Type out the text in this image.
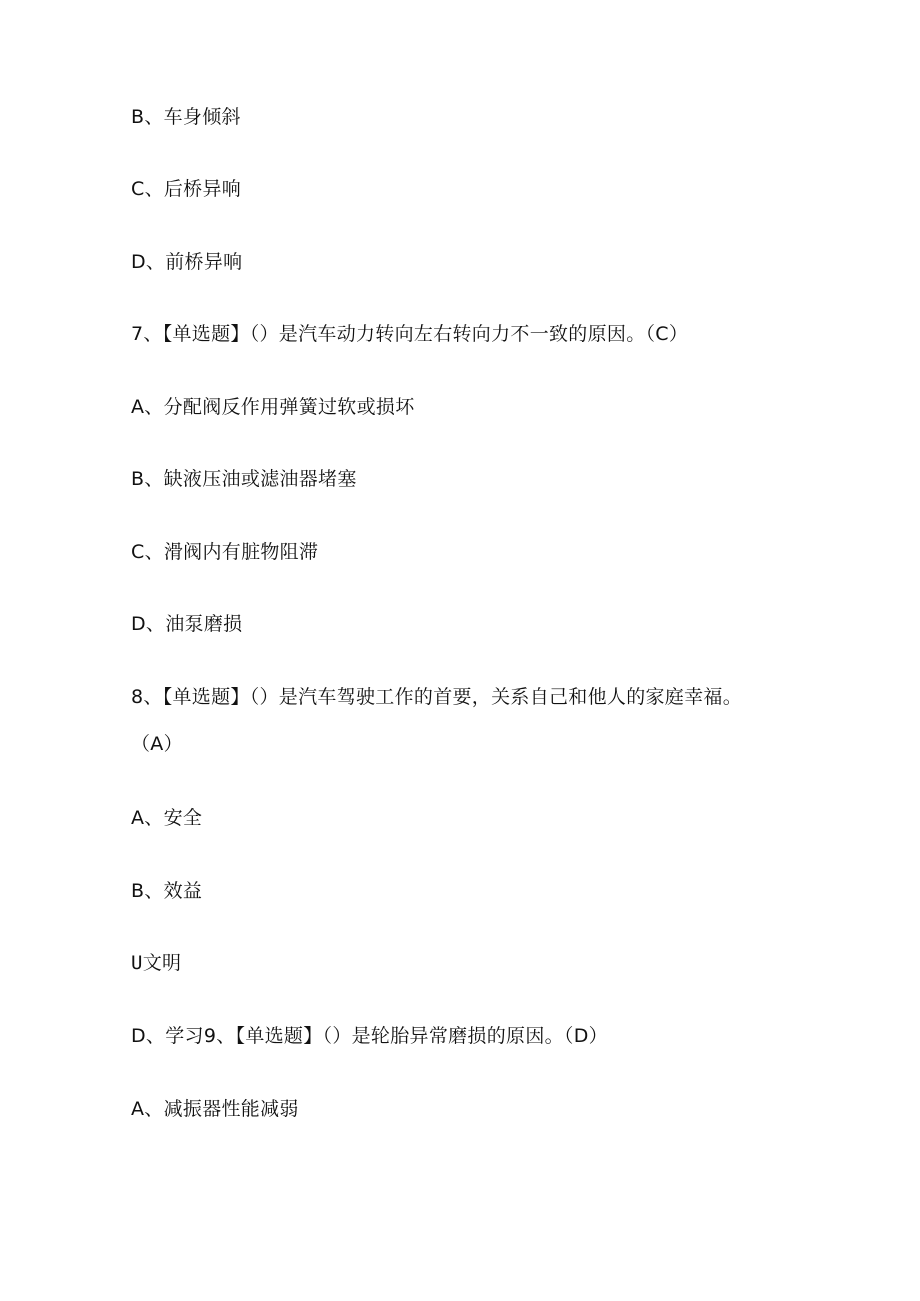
B、车身倾斜
C、后桥异响
D、前桥异响
7、【单选题】（）是汽车动力转向左右转向力不一致的原因。（C）
A、分配阀反作用弹簧过软或损坏
B、缺液压油或滤油器堵塞
C、滑阀内有脏物阻滞
D、油泵磨损
8、【单选题】（）是汽车驾驶工作的首要，关系自己和他人的家庭幸福。
（A）
A、安全
B、效益
U文明
D、学习9、【单选题】（）是轮胎异常磨损的原因。（D）
A、减振器性能减弱
